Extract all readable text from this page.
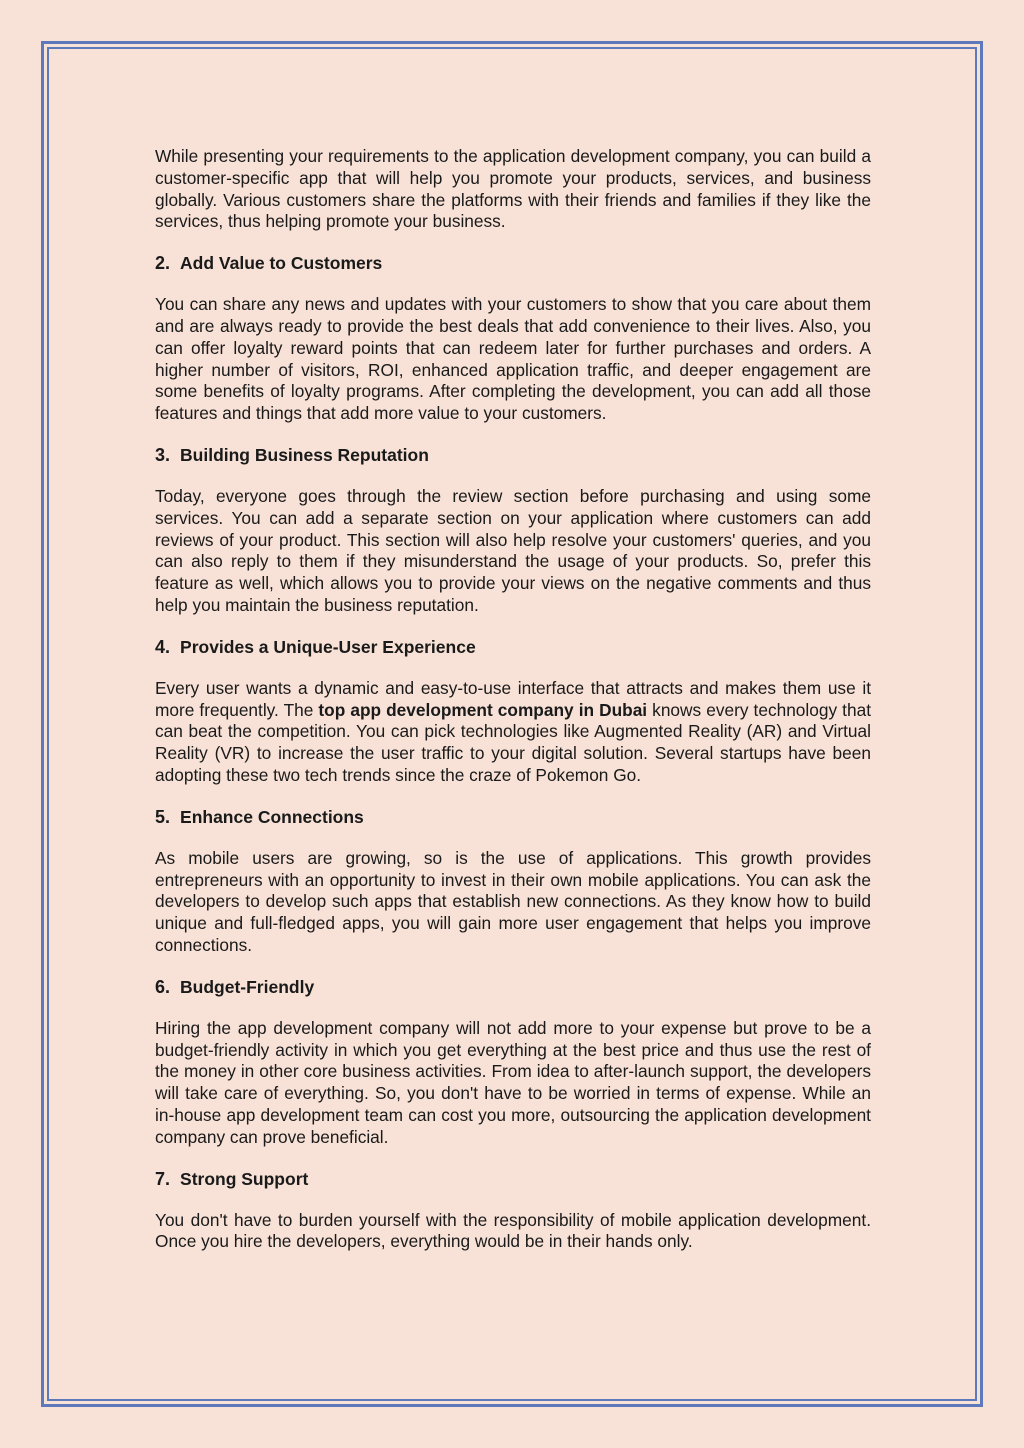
While presenting your requirements to the application development company, you can build a customer-specific app that will help you promote your products, services, and business globally. Various customers share the platforms with their friends and families if they like the services, thus helping promote your business.

2. Add Value to Customers

You can share any news and updates with your customers to show that you care about them and are always ready to provide the best deals that add convenience to their lives. Also, you can offer loyalty reward points that can redeem later for further purchases and orders. A higher number of visitors, ROI, enhanced application traffic, and deeper engagement are some benefits of loyalty programs. After completing the development, you can add all those features and things that add more value to your customers.

3. Building Business Reputation

Today, everyone goes through the review section before purchasing and using some services. You can add a separate section on your application where customers can add reviews of your product. This section will also help resolve your customers' queries, and you can also reply to them if they misunderstand the usage of your products. So, prefer this feature as well, which allows you to provide your views on the negative comments and thus help you maintain the business reputation.

4. Provides a Unique-User Experience

Every user wants a dynamic and easy-to-use interface that attracts and makes them use it more frequently. The top app development company in Dubai knows every technology that can beat the competition. You can pick technologies like Augmented Reality (AR) and Virtual Reality (VR) to increase the user traffic to your digital solution. Several startups have been adopting these two tech trends since the craze of Pokemon Go.

5. Enhance Connections

As mobile users are growing, so is the use of applications. This growth provides entrepreneurs with an opportunity to invest in their own mobile applications. You can ask the developers to develop such apps that establish new connections. As they know how to build unique and full-fledged apps, you will gain more user engagement that helps you improve connections.

6. Budget-Friendly

Hiring the app development company will not add more to your expense but prove to be a budget-friendly activity in which you get everything at the best price and thus use the rest of the money in other core business activities. From idea to after-launch support, the developers will take care of everything. So, you don't have to be worried in terms of expense. While an in-house app development team can cost you more, outsourcing the application development company can prove beneficial.

7. Strong Support

You don't have to burden yourself with the responsibility of mobile application development. Once you hire the developers, everything would be in their hands only.
